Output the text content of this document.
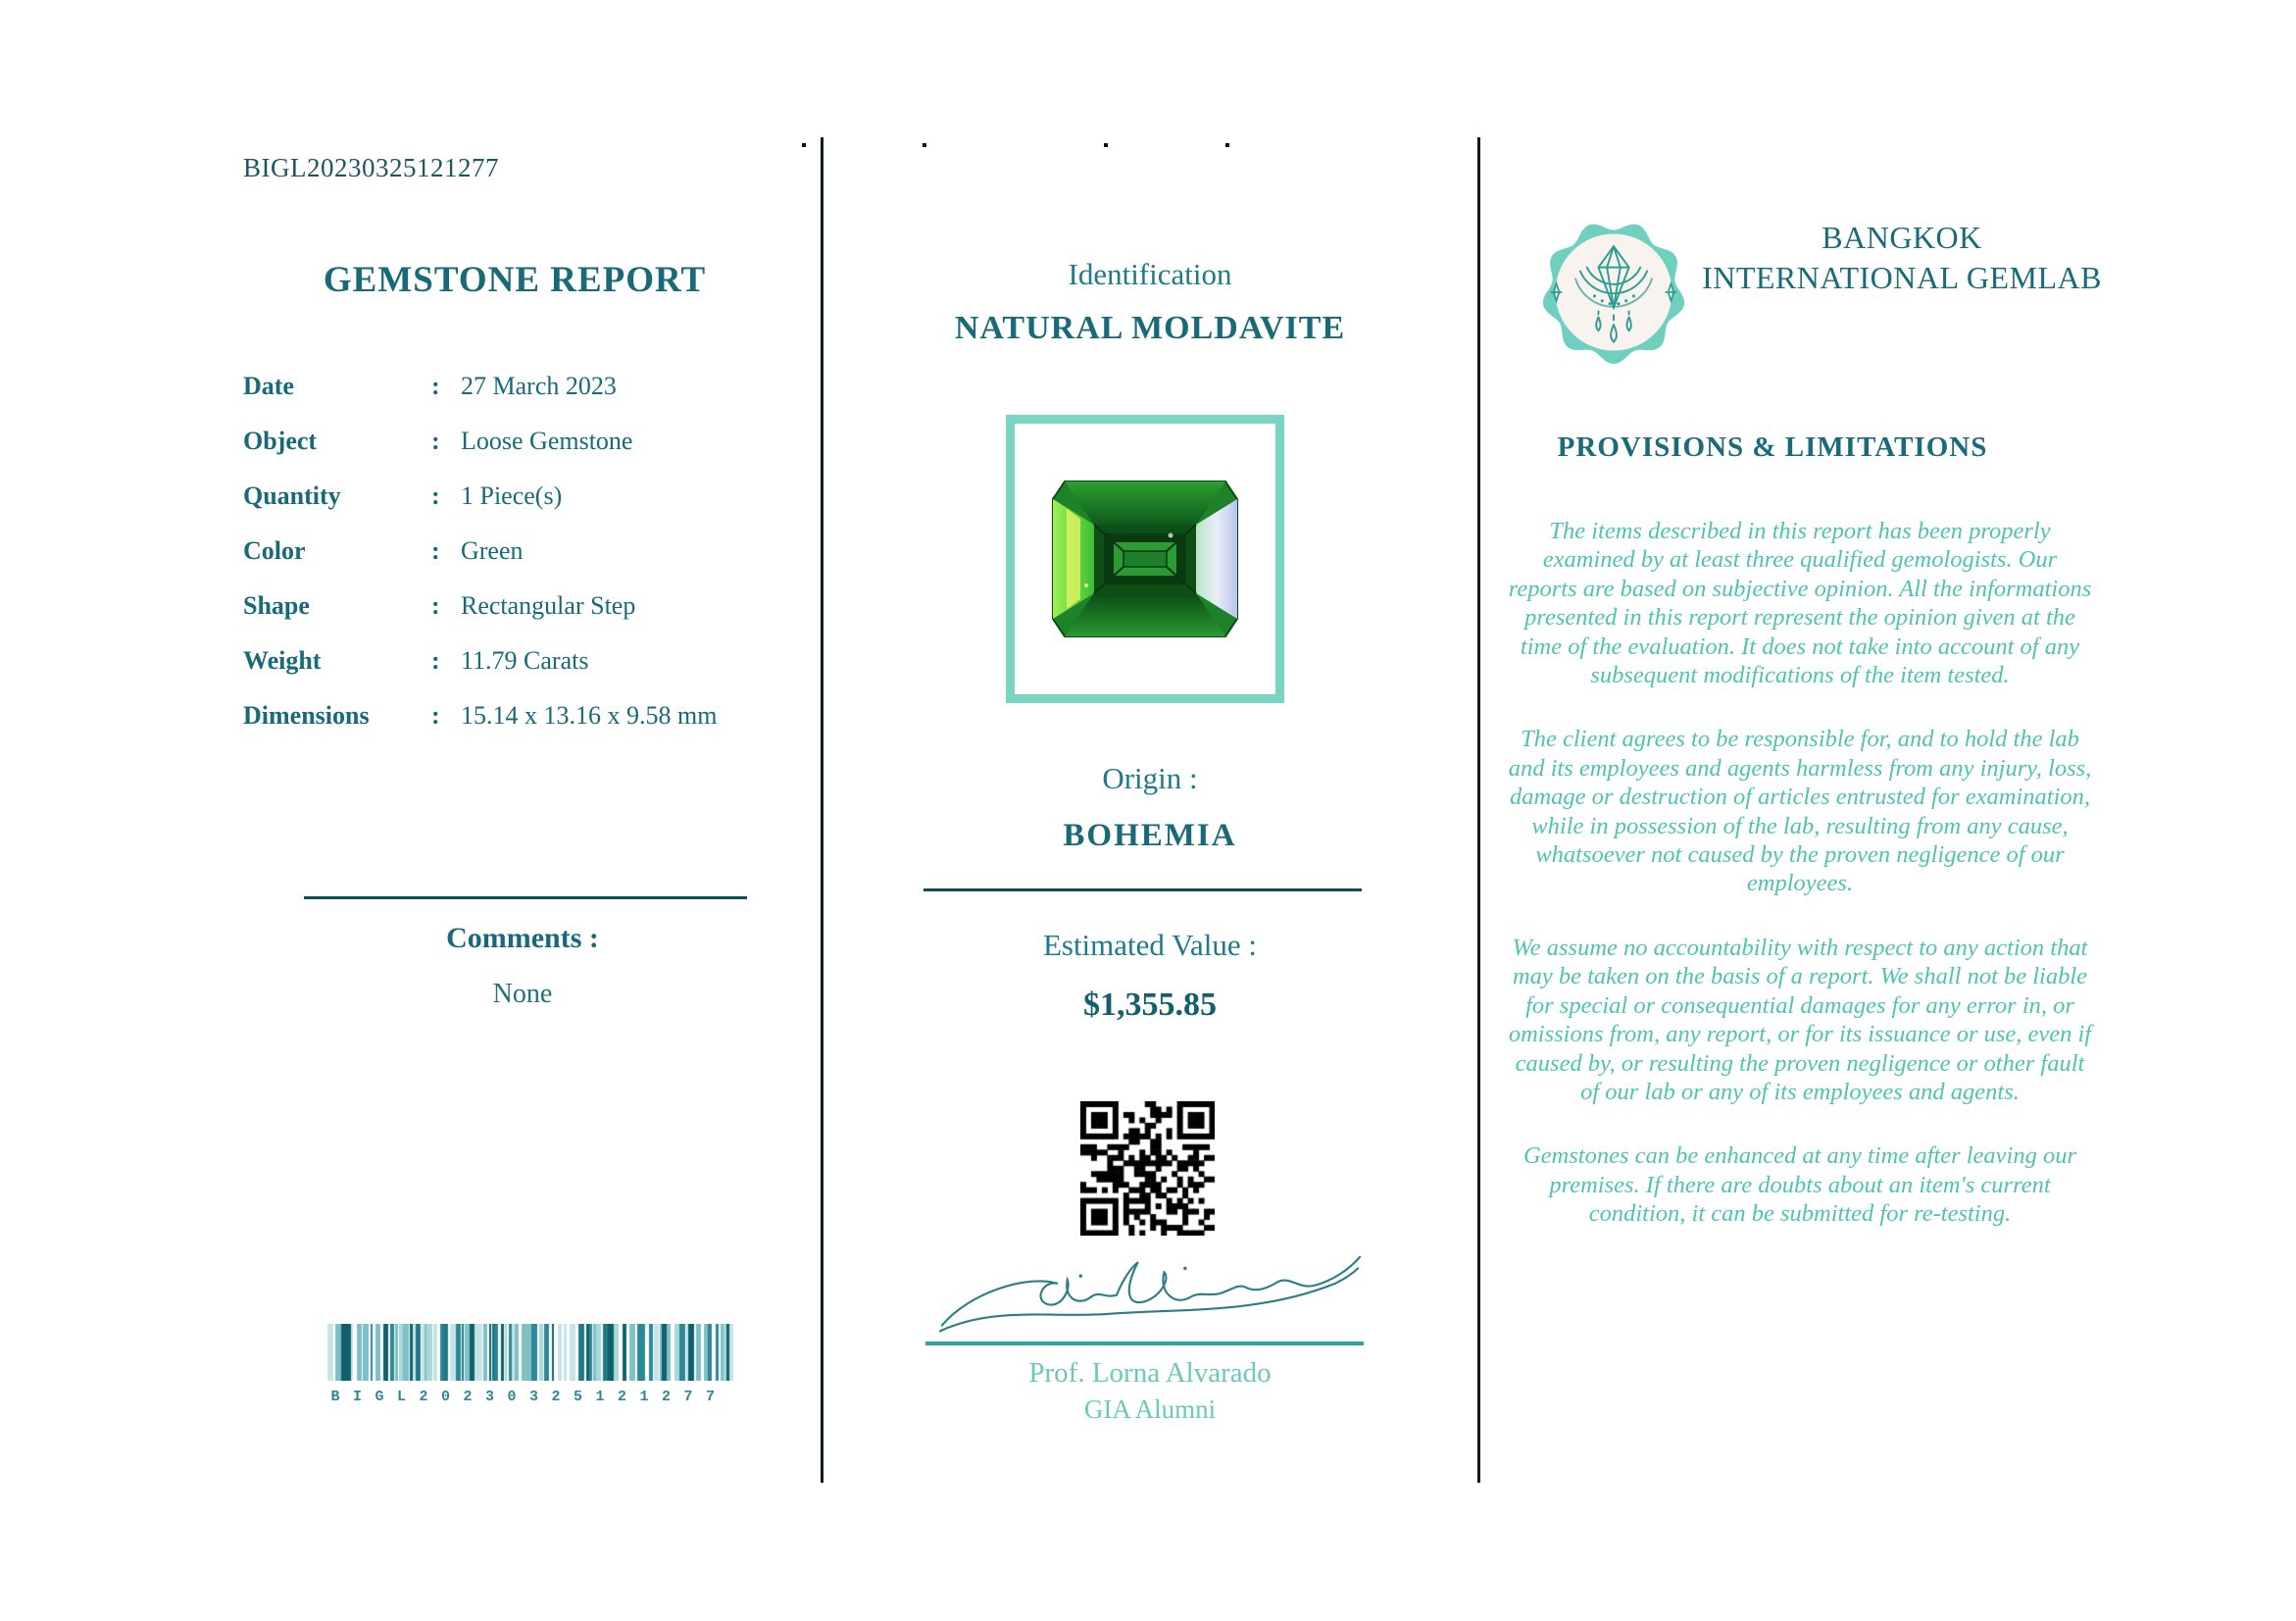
BIGL20230325121277
GEMSTONE REPORT
Date	: 27 March 2023
Object	: Loose Gemstone
Quantity	: 1 Piece(s)
Color	: Green
Shape	: Rectangular Step
Weight	: 11.79 Carats
Dimensions	: 15.14 x 13.16 x 9.58 mm
Comments :
None
BIGL20230325121277
Identification
NATURAL MOLDAVITE
Origin :
BOHEMIA
Estimated Value :
$1,355.85
Prof. Lorna Alvarado
GIA Alumni
BANGKOK INTERNATIONAL GEMLAB
PROVISIONS & LIMITATIONS

The items described in this report has been properly examined by at least three qualified gemologists. Our reports are based on subjective opinion. All the informations presented in this report represent the opinion given at the time of the evaluation. It does not take into account of any subsequent modifications of the item tested.

The client agrees to be responsible for, and to hold the lab and its employees and agents harmless from any injury, loss, damage or destruction of articles entrusted for examination, while in possession of the lab, resulting from any cause, whatsoever not caused by the proven negligence of our employees.

We assume no accountability with respect to any action that may be taken on the basis of a report. We shall not be liable for special or consequential damages for any error in, or omissions from, any report, or for its issuance or use, even if caused by, or resulting the proven negligence or other fault of our lab or any of its employees and agents.

Gemstones can be enhanced at any time after leaving our premises. If there are doubts about an item's current condition, it can be submitted for re-testing.
